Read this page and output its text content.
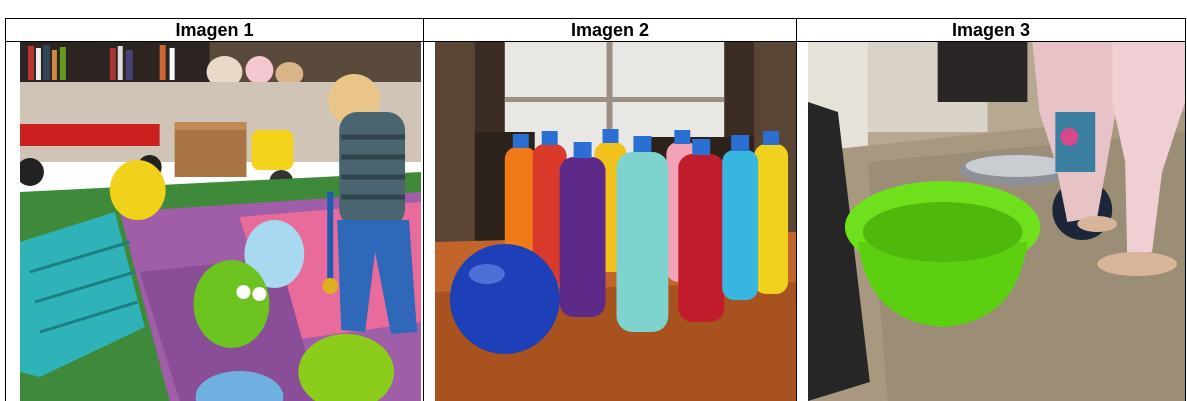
Imagen 1	Imagen 2	Imagen 3
